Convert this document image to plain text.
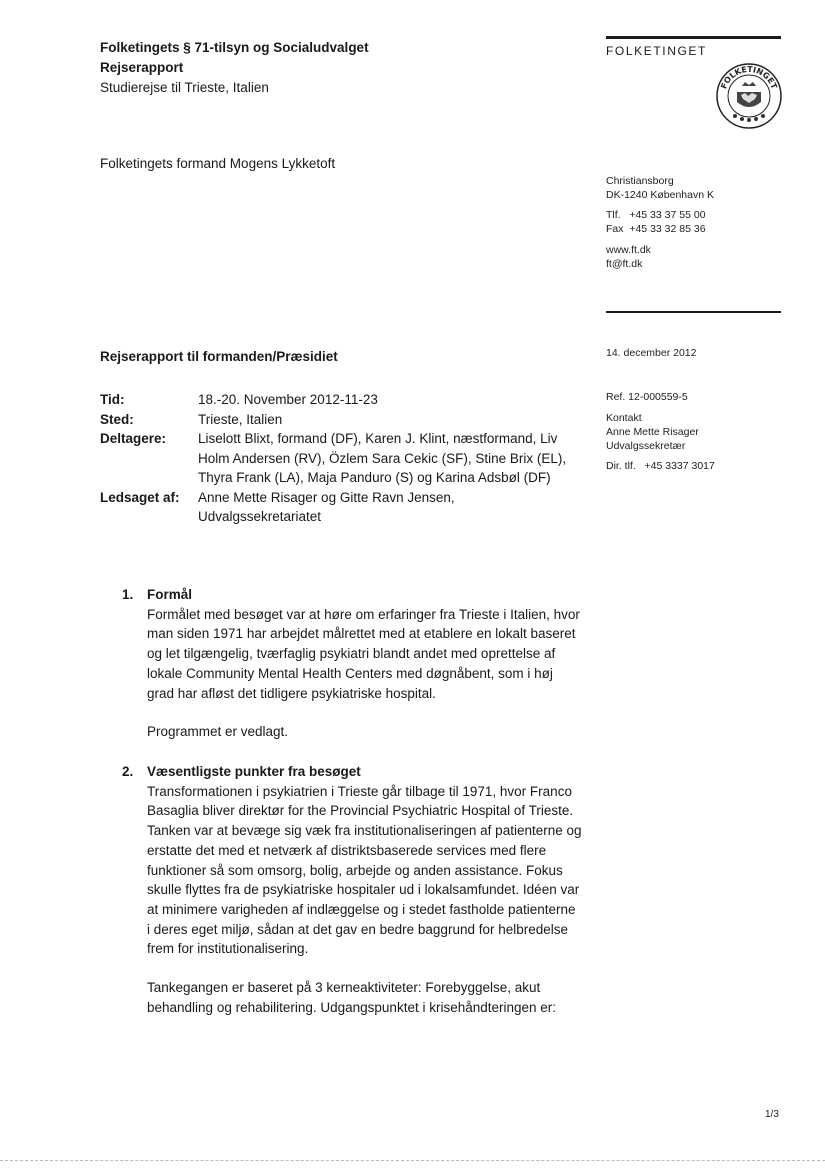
Folketingets § 71-tilsyn og Socialudvalget
Rejserapport
Studierejse til Trieste, Italien
Folketingets formand Mogens Lykketoft
FOLKETINGET
FOLKETINGET
Christiansborg
DK-1240 København K
Tlf.   +45 33 37 55 00
Fax  +45 33 32 85 36
www.ft.dk
ft@ft.dk
14. december 2012
Ref. 12-000559-5
Kontakt
Anne Mette Risager
Udvalgssekretær
Dir. tlf.   +45 3337 3017
Rejserapport til formanden/Præsidiet
Tid:	18.-20. November 2012-11-23
Sted:	Trieste, Italien
Deltagere:	Liselott Blixt, formand (DF), Karen J. Klint, næstformand, Liv Holm Andersen (RV), Özlem Sara Cekic (SF), Stine Brix (EL), Thyra Frank (LA), Maja Panduro (S) og Karina Adsbøl (DF)
Ledsaget af:	Anne Mette Risager og Gitte Ravn Jensen, Udvalgssekretariatet
1.	Formål

Formålet med besøget var at høre om erfaringer fra Trieste i Italien, hvor man siden 1971 har arbejdet målrettet med at etablere en lokalt baseret og let tilgængelig, tværfaglig psykiatri blandt andet med oprettelse af lokale Community Mental Health Centers med døgnåbent, som i høj grad har afløst det tidligere psykiatriske hospital.

Programmet er vedlagt.

2.	Væsentligste punkter fra besøget

Transformationen i psykiatrien i Trieste går tilbage til 1971, hvor Franco Basaglia bliver direktør for the Provincial Psychiatric Hospital of Trieste. Tanken var at bevæge sig væk fra institutionaliseringen af patienterne og erstatte det med et netværk af distriktsbaserede services med flere funktioner så som omsorg, bolig, arbejde og anden assistance. Fokus skulle flyttes fra de psykiatriske hospitaler ud i lokalsamfundet. Idéen var at minimere varigheden af indlæggelse og i stedet fastholde patienterne i deres eget miljø, sådan at det gav en bedre baggrund for helbredelse frem for institutionalisering.

Tankegangen er baseret på 3 kerneaktiviteter: Forebyggelse, akut behandling og rehabilitering. Udgangspunktet i krisehåndteringen er:

1/3
